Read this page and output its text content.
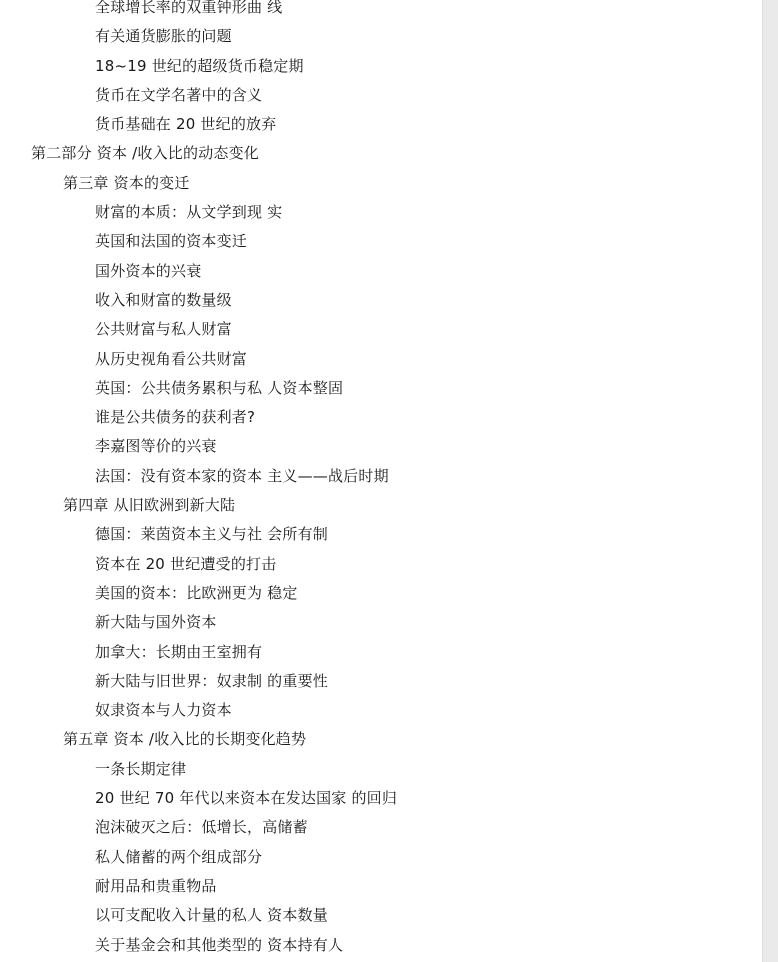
全球增长率的双重钟形曲 线
有关通货膨胀的问题
18~19 世纪的超级货币稳定期
货币在文学名著中的含义
货币基础在 20 世纪的放弃
第二部分 资本 /收入比的动态变化
第三章 资本的变迁
财富的本质：从文学到现 实
英国和法国的资本变迁
国外资本的兴衰
收入和财富的数量级
公共财富与私人财富
从历史视角看公共财富
英国：公共债务累积与私 人资本整固
谁是公共债务的获利者?
李嘉图等价的兴衰
法国：没有资本家的资本 主义——战后时期
第四章 从旧欧洲到新大陆
德国：莱茵资本主义与社 会所有制
资本在 20 世纪遭受的打击
美国的资本：比欧洲更为 稳定
新大陆与国外资本
加拿大：长期由王室拥有
新大陆与旧世界：奴隶制 的重要性
奴隶资本与人力资本
第五章 资本 /收入比的长期变化趋势
一条长期定律
20 世纪 70 年代以来资本在发达国家 的回归
泡沫破灭之后：低增长，高储蓄
私人储蓄的两个组成部分
耐用品和贵重物品
以可支配收入计量的私人 资本数量
关于基金会和其他类型的 资本持有人
